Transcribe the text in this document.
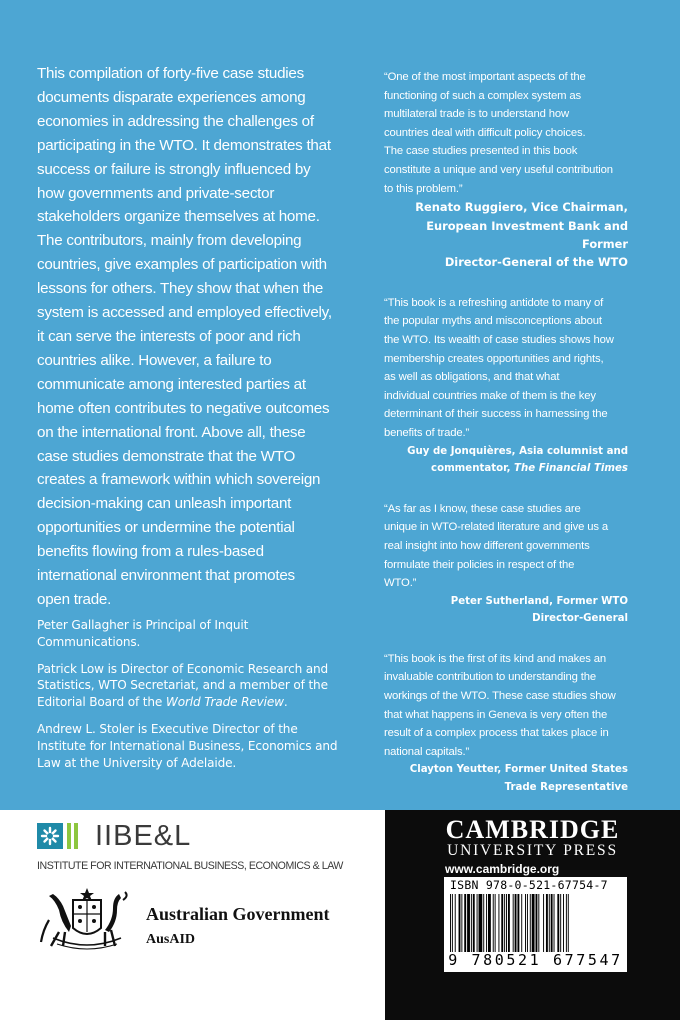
This compilation of forty-five case studies

documents disparate experiences among

economies in addressing the challenges of

participating in the WTO. It demonstrates that

success or failure is strongly influenced by

how governments and private-sector

stakeholders organize themselves at home.

The contributors, mainly from developing

countries, give examples of participation with

lessons for others. They show that when the

system is accessed and employed effectively,

it can serve the interests of poor and rich

countries alike. However, a failure to

communicate among interested parties at

home often contributes to negative outcomes

on the international front. Above all, these

case studies demonstrate that the WTO

creates a framework within which sovereign

decision-making can unleash important

opportunities or undermine the potential

benefits flowing from a rules-based

international environment that promotes

open trade.

Peter Gallagher is Principal of Inquit
Communications.

Patrick Low is Director of Economic Research and
Statistics, WTO Secretariat, and a member of the
Editorial Board of the World Trade Review.

Andrew L. Stoler is Executive Director of the
Institute for International Business, Economics and
Law at the University of Adelaide.

“One of the most important aspects of the
functioning of such a complex system as
multilateral trade is to understand how
countries deal with difficult policy choices.
The case studies presented in this book
constitute a unique and very useful contribution
to this problem.”
Renato Ruggiero, Vice Chairman,
European Investment Bank and Former
Director-General of the WTO
“This book is a refreshing antidote to many of
the popular myths and misconceptions about
the WTO. Its wealth of case studies shows how
membership creates opportunities and rights,
as well as obligations, and that what
individual countries make of them is the key
determinant of their success in harnessing the
benefits of trade.”
Guy de Jonquières, Asia columnist and
commentator, The Financial Times
“As far as I know, these case studies are
unique in WTO-related literature and give us a
real insight into how different governments
formulate their policies in respect of the
WTO.”
Peter Sutherland, Former WTO
Director-General
“This book is the first of its kind and makes an
invaluable contribution to understanding the
workings of the WTO. These case studies show
that what happens in Geneva is very often the
result of a complex process that takes place in
national capitals.”
Clayton Yeutter, Former United States
Trade Representative
IIBE&L
INSTITUTE FOR INTERNATIONAL BUSINESS, ECONOMICS & LAW
Australian Government
AusAID
CAMBRIDGE
UNIVERSITY PRESS
www.cambridge.org
ISBN 978-0-521-67754-7
9 780521 677547
